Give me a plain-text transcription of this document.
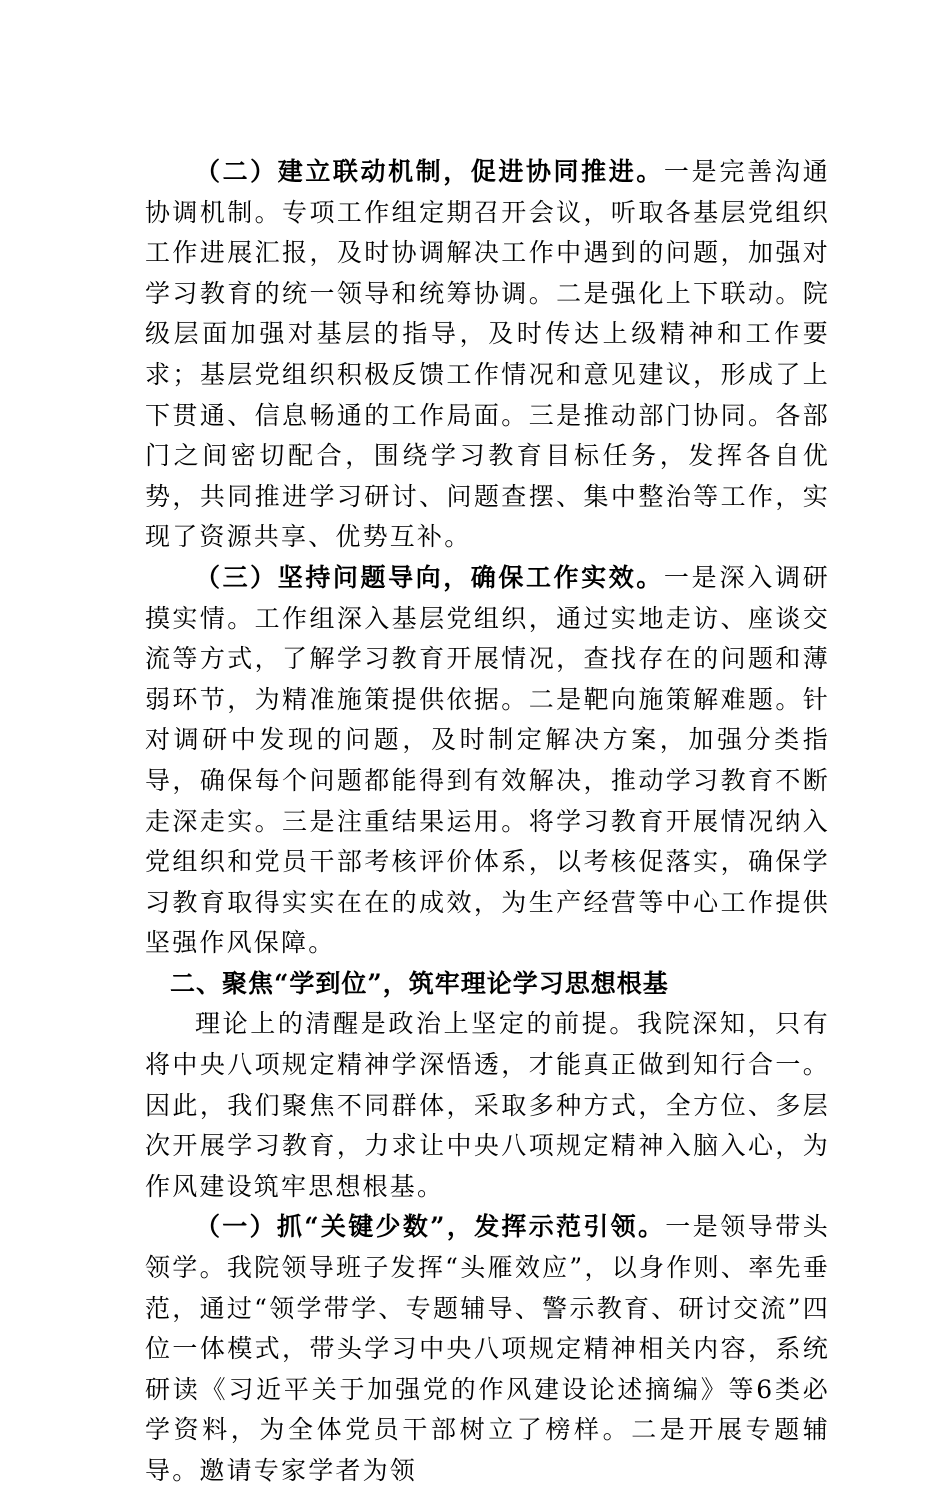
（二）建立联动机制，促进协同推进。一是完善沟通协调机制。专项工作组定期召开会议，听取各基层党组织工作进展汇报，及时协调解决工作中遇到的问题，加强对学习教育的统一领导和统筹协调。二是强化上下联动。院级层面加强对基层的指导，及时传达上级精神和工作要求；基层党组织积极反馈工作情况和意见建议，形成了上下贯通、信息畅通的工作局面。三是推动部门协同。各部门之间密切配合，围绕学习教育目标任务，发挥各自优势，共同推进学习研讨、问题查摆、集中整治等工作，实现了资源共享、优势互补。

（三）坚持问题导向，确保工作实效。一是深入调研摸实情。工作组深入基层党组织，通过实地走访、座谈交流等方式，了解学习教育开展情况，查找存在的问题和薄弱环节，为精准施策提供依据。二是靶向施策解难题。针对调研中发现的问题，及时制定解决方案，加强分类指导，确保每个问题都能得到有效解决，推动学习教育不断走深走实。三是注重结果运用。将学习教育开展情况纳入党组织和党员干部考核评价体系，以考核促落实，确保学习教育取得实实在在的成效，为生产经营等中心工作提供坚强作风保障。

二、聚焦“学到位”，筑牢理论学习思想根基

理论上的清醒是政治上坚定的前提。我院深知，只有将中央八项规定精神学深悟透，才能真正做到知行合一。因此，我们聚焦不同群体，采取多种方式，全方位、多层次开展学习教育，力求让中央八项规定精神入脑入心，为作风建设筑牢思想根基。

（一）抓“关键少数”，发挥示范引领。一是领导带头领学。我院领导班子发挥“头雁效应”，以身作则、率先垂范，通过“领学带学、专题辅导、警示教育、研讨交流”四位一体模式，带头学习中央八项规定精神相关内容，系统研读《习近平关于加强党的作风建设论述摘编》等6类必学资料，为全体党员干部树立了榜样。二是开展专题辅导。邀请专家学者为领
